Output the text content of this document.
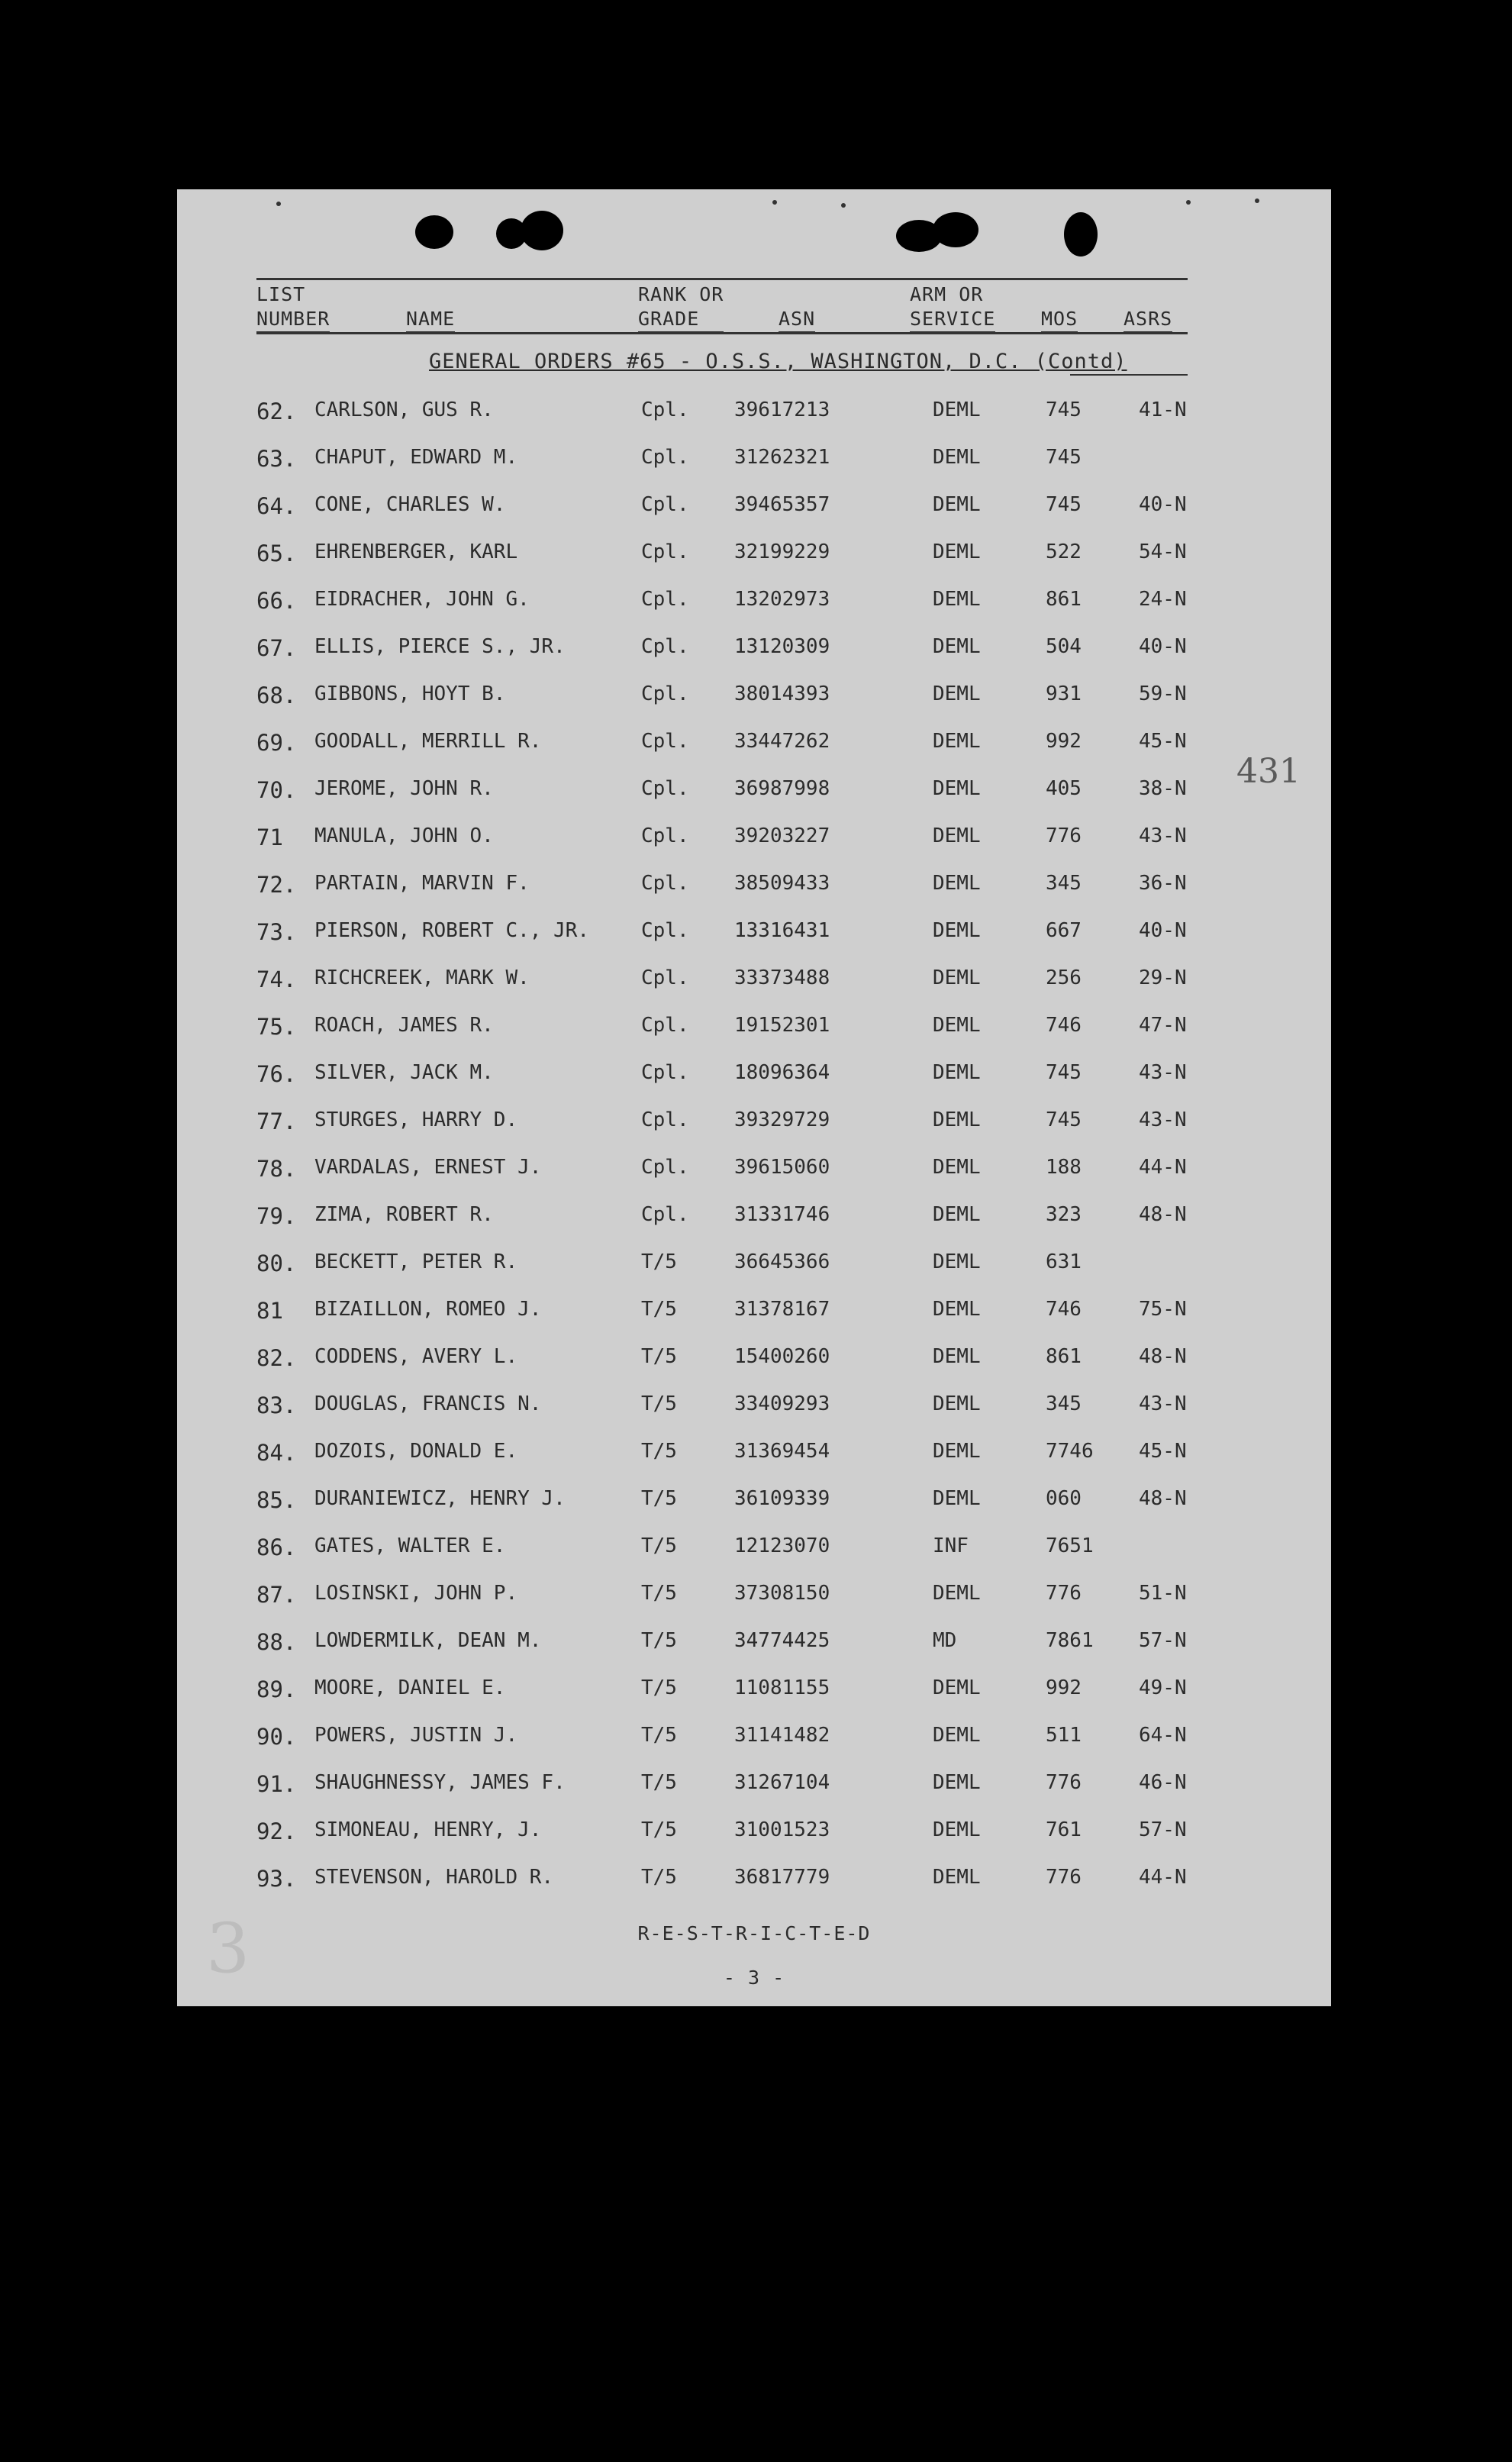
LIST
NUMBER	NAME
RANK OR
GRADE	ASN
ARM OR
SERVICE MOS ASRS
GENERAL ORDERS #65 - O.S.S., WASHINGTON, D.C. (Contd)
62. CARLSON, GUS R.	Cpl. 39617213	DEML	745	41-N
63. CHAPUT, EDWARD M.	Cpl. 31262321	DEML	745
64. CONE, CHARLES W.	Cpl. 39465357	DEML	745	40-N
65. EHRENBERGER, KARL	Cpl. 32199229	DEML	522	54-N
66. EIDRACHER, JOHN G.	Cpl. 13202973	DEML	861	24-N
67. ELLIS, PIERCE S., JR.	Cpl. 13120309	DEML	504	40-N
68. GIBBONS, HOYT B.	Cpl. 38014393	DEML	931	59-N
69. GOODALL, MERRILL R.	Cpl. 33447262	DEML	992	45-N
70. JEROME, JOHN R.	Cpl. 36987998	DEML	405	38-N
71 MANULA, JOHN O.	Cpl. 39203227	DEML	776	43-N
72. PARTAIN, MARVIN F.	Cpl. 38509433	DEML	345	36-N
73. PIERSON, ROBERT C., JR.	Cpl. 13316431	DEML	667	40-N
74. RICHCREEK, MARK W.	Cpl. 33373488	DEML	256	29-N
75. ROACH, JAMES R.	Cpl. 19152301	DEML	746	47-N
76. SILVER, JACK M.	Cpl. 18096364	DEML	745	43-N
77. STURGES, HARRY D.	Cpl. 39329729	DEML	745	43-N
78. VARDALAS, ERNEST J.	Cpl. 39615060	DEML	188	44-N
79. ZIMA, ROBERT R.	Cpl. 31331746	DEML	323	48-N
80. BECKETT, PETER R.	T/5	36645366	DEML	631
81 BIZAILLON, ROMEO J.	T/5	31378167	DEML	746	75-N
82. CODDENS, AVERY L.	T/5	15400260	DEML	861	48-N
83. DOUGLAS, FRANCIS N.	T/5	33409293	DEML	345	43-N
84. DOZOIS, DONALD E.	T/5	31369454	DEML	7746 45-N
85. DURANIEWICZ, HENRY J.	T/5	36109339	DEML	060	48-N
86. GATES, WALTER E.	T/5	12123070	INF	7651
87. LOSINSKI, JOHN P.	T/5	37308150	DEML	776	51-N
88. LOWDERMILK, DEAN M.	T/5	34774425	MD	7861 57-N
89. MOORE, DANIEL E.	T/5	11081155	DEML	992	49-N
90. POWERS, JUSTIN J.	T/5	31141482	DEML	511	64-N
91. SHAUGHNESSY, JAMES F.	T/5	31267104	DEML	776	46-N
92. SIMONEAU, HENRY, J.	T/5	31001523	DEML	761	57-N
93. STEVENSON, HAROLD R.	T/5	36817779	DEML	776	44-N
R-E-S-T-R-I-C-T-E-D
- 3 -
431
3
